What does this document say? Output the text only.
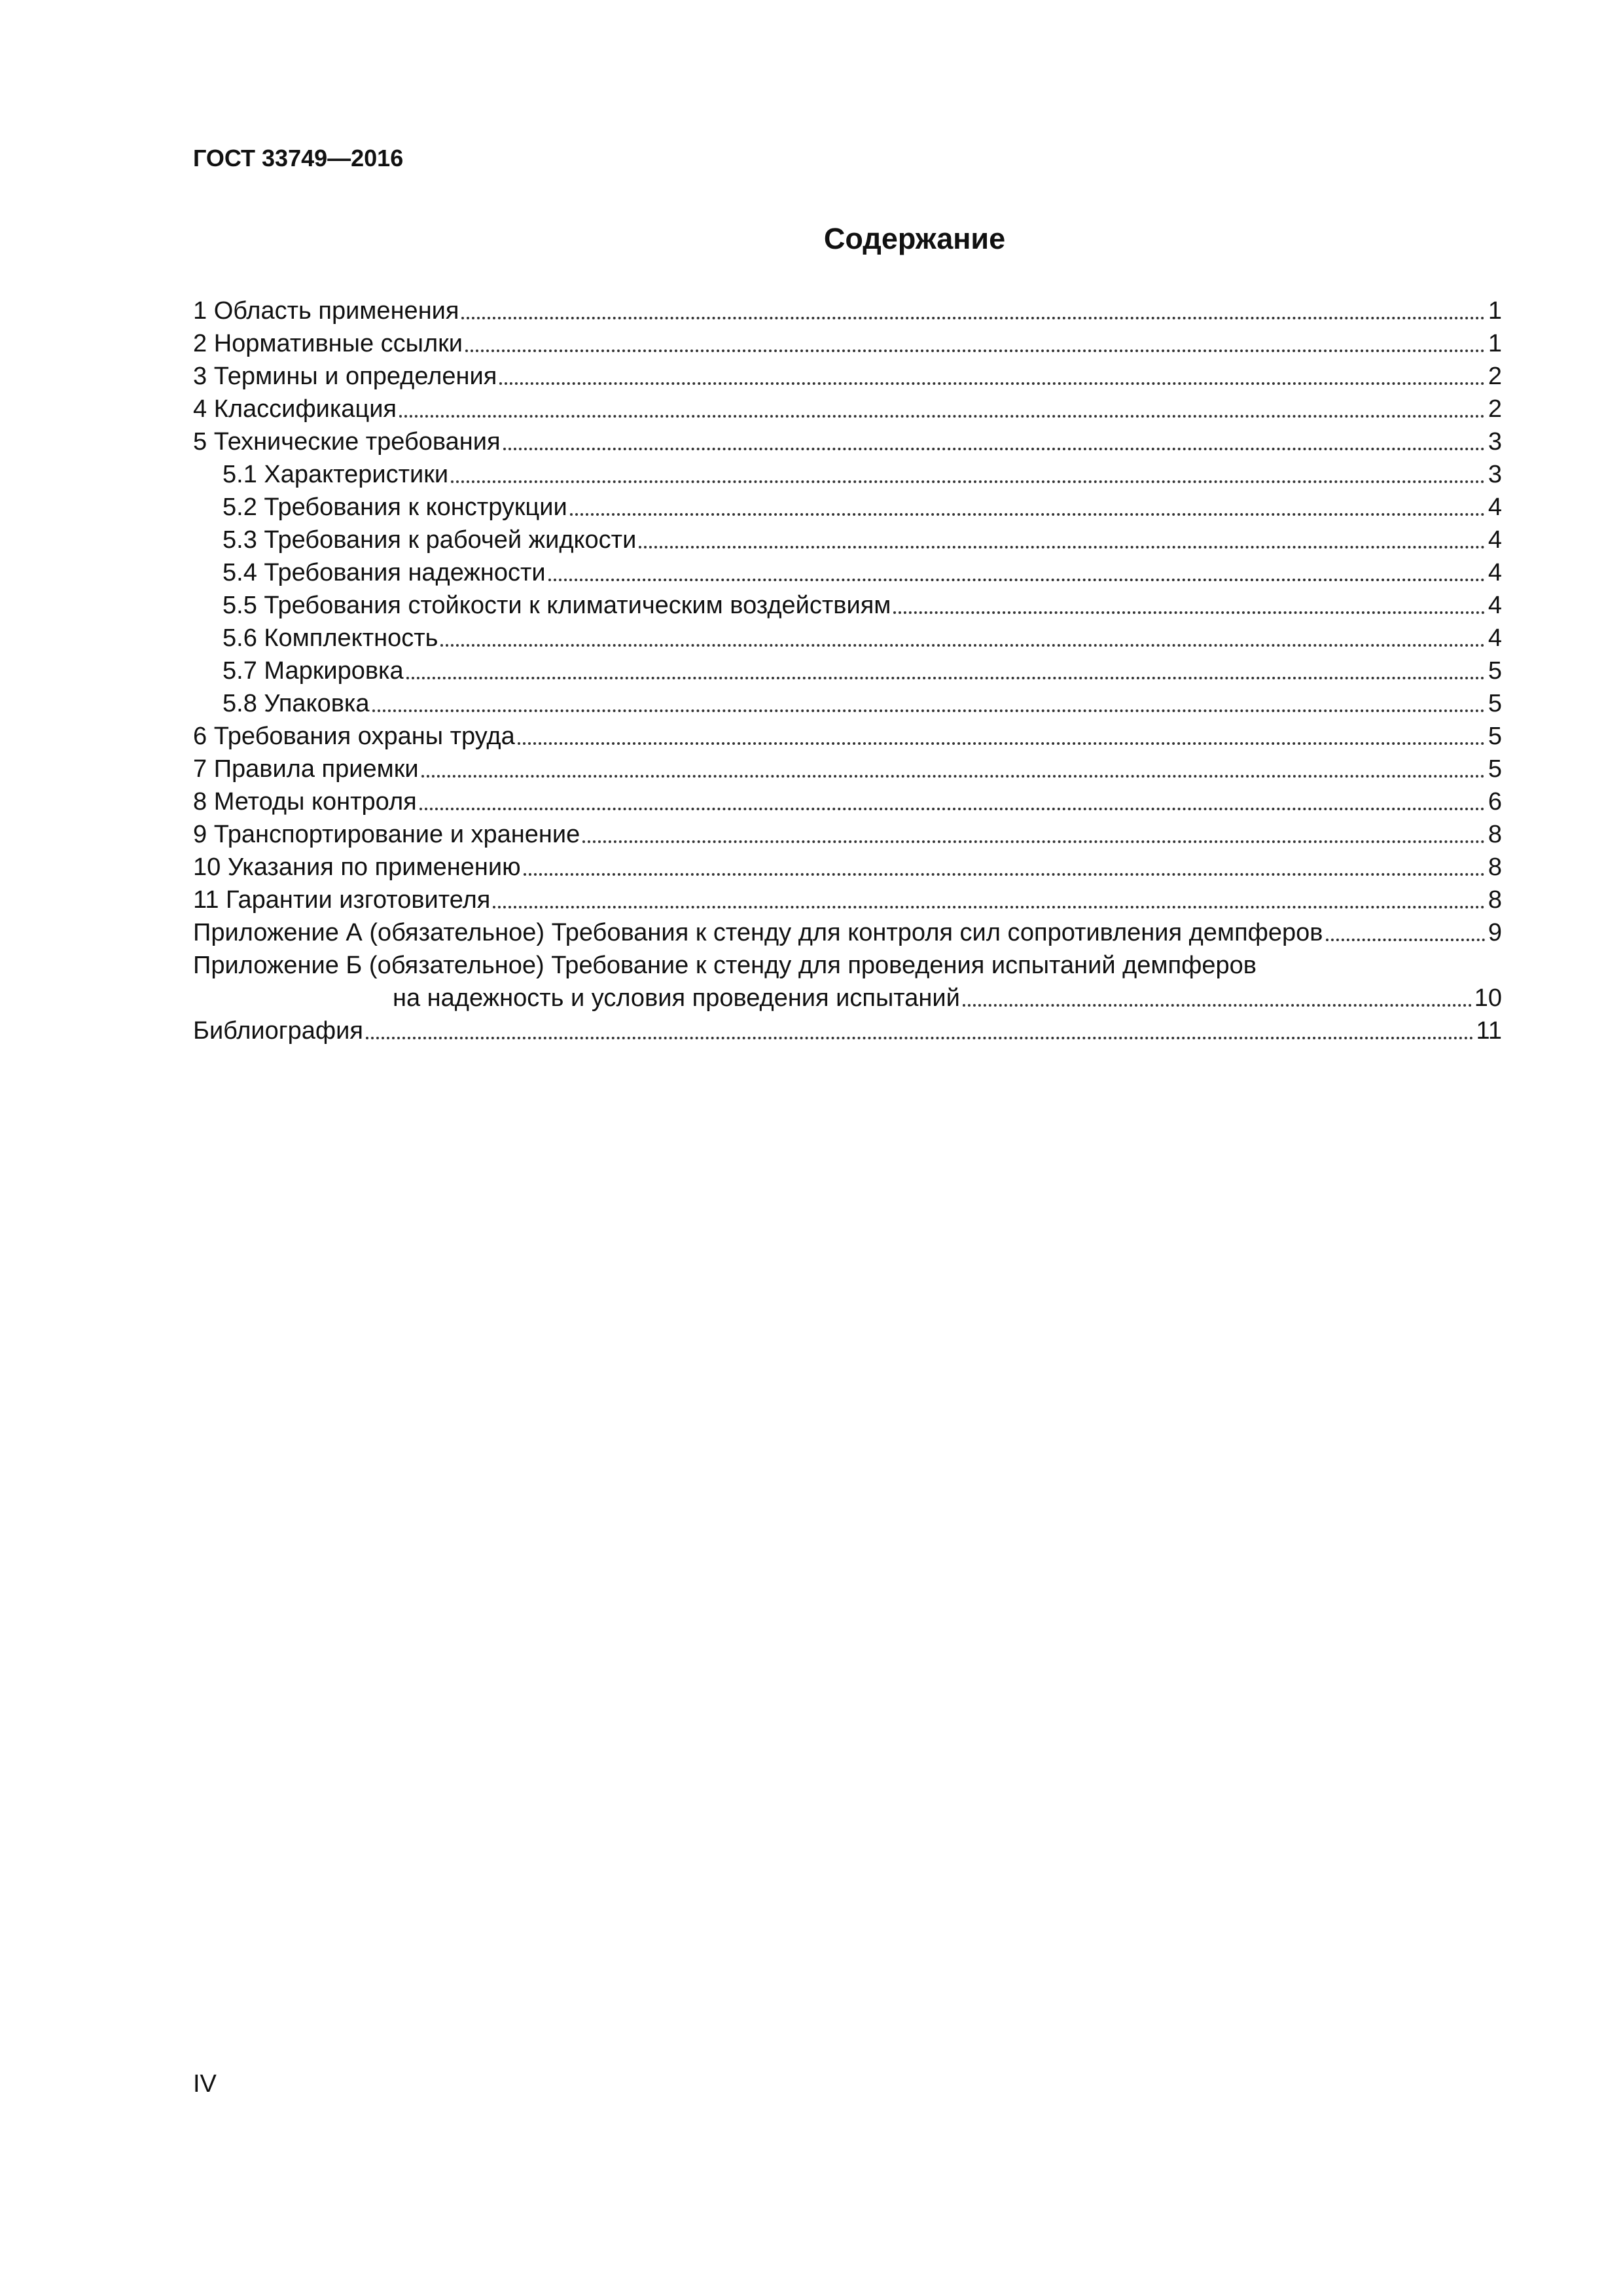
ГОСТ 33749—2016
Содержание
1 Область применения	1
2 Нормативные ссылки	1
3 Термины и определения	2
4 Классификация	2
5 Технические требования	3
5.1 Характеристики	3
5.2 Требования к конструкции	4
5.3 Требования к рабочей жидкости	4
5.4 Требования надежности	4
5.5 Требования стойкости к климатическим воздействиям	4
5.6 Комплектность	4
5.7 Маркировка	5
5.8 Упаковка	5
6 Требования охраны труда	5
7 Правила приемки	5
8 Методы контроля	6
9 Транспортирование и хранение	8
10 Указания по применению	8
11 Гарантии изготовителя	8
Приложение А (обязательное) Требования к стенду для контроля сил сопротивления демпферов	9
Приложение Б (обязательное) Требование к стенду для проведения испытаний демпферов
на надежность и условия проведения испытаний	10
Библиография	11
IV
